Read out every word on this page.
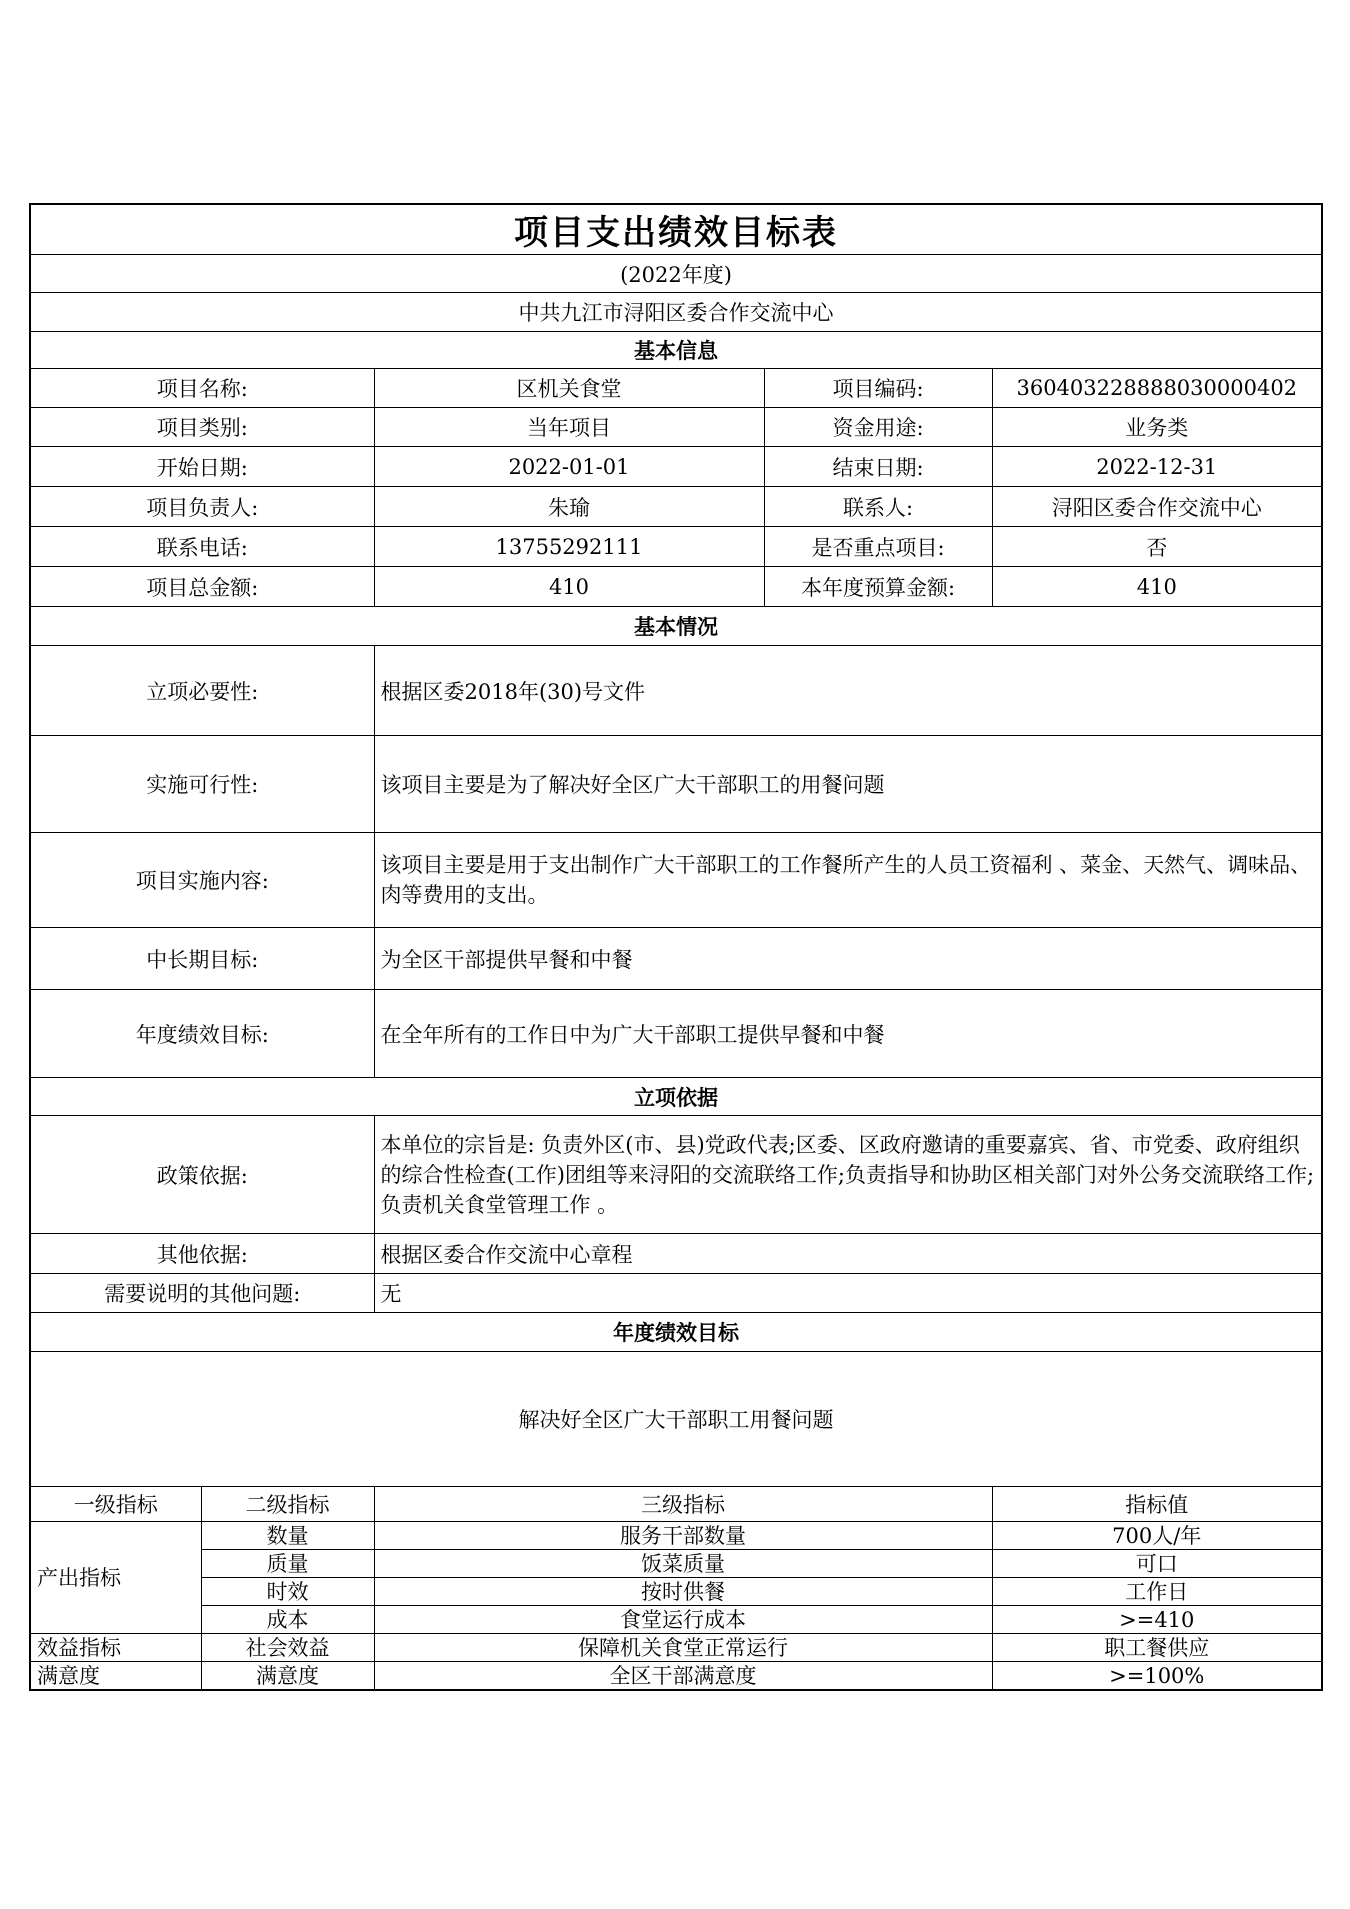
项目支出绩效目标表				
(2022年度)				
中共九江市浔阳区委合作交流中心				
基本信息				
项目名称:		区机关食堂	项目编码:	360403228888030000402
项目类别:		当年项目	资金用途:	业务类
开始日期:		2022-01-01	结束日期:	2022-12-31
项目负责人:		朱瑜	联系人:	浔阳区委合作交流中心
联系电话:		13755292111	是否重点项目:	否
项目总金额:		410	本年度预算金额:	410
基本情况				
立项必要性:		根据区委2018年(30)号文件		
实施可行性:		该项目主要是为了解决好全区广大干部职工的用餐问题		
项目实施内容:		该项目主要是用于支出制作广大干部职工的工作餐所产生的人员工资福利 、菜金、天然气、调味品、肉等费用的支出。		
中长期目标:		为全区干部提供早餐和中餐		
年度绩效目标:		在全年所有的工作日中为广大干部职工提供早餐和中餐		
立项依据				
政策依据:		本单位的宗旨是: 负责外区(市、县)党政代表;区委、区政府邀请的重要嘉宾、省、市党委、政府组织的综合性检查(工作)团组等来浔阳的交流联络工作;负责指导和协助区相关部门对外公务交流联络工作;负责机关食堂管理工作 。		
其他依据:		根据区委合作交流中心章程		
需要说明的其他问题:		无		
年度绩效目标				
解决好全区广大干部职工用餐问题				
一级指标	二级指标	三级指标		指标值
产出指标	数量	服务干部数量		700人/年
	质量	饭菜质量		可口
	时效	按时供餐		工作日
	成本	食堂运行成本		>=410
效益指标	社会效益	保障机关食堂正常运行		职工餐供应
满意度	满意度	全区干部满意度		>=100%
